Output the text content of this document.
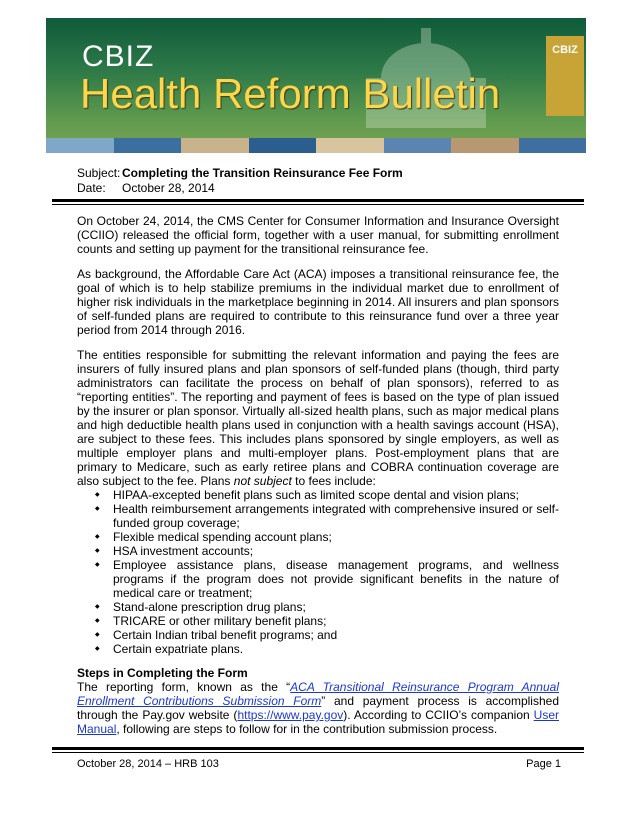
CBIZ
Health Reform Bulletin
CBIZ
Subject: Completing the Transition Reinsurance Fee Form
Date:	October 28, 2014

On October 24, 2014, the CMS Center for Consumer Information and Insurance Oversight (CCIIO) released the official form, together with a user manual, for submitting enrollment counts and setting up payment for the transitional reinsurance fee.

As background, the Affordable Care Act (ACA) imposes a transitional reinsurance fee, the goal of which is to help stabilize premiums in the individual market due to enrollment of higher risk individuals in the marketplace beginning in 2014. All insurers and plan sponsors of self-funded plans are required to contribute to this reinsurance fund over a three year period from 2014 through 2016.

The entities responsible for submitting the relevant information and paying the fees are insurers of fully insured plans and plan sponsors of self-funded plans (though, third party administrators can facilitate the process on behalf of plan sponsors), referred to as “reporting entities”. The reporting and payment of fees is based on the type of plan issued by the insurer or plan sponsor. Virtually all-sized health plans, such as major medical plans and high deductible health plans used in conjunction with a health savings account (HSA), are subject to these fees. This includes plans sponsored by single employers, as well as multiple employer plans and multi-employer plans. Post-employment plans that are primary to Medicare, such as early retiree plans and COBRA continuation coverage are also subject to the fee. Plans not subject to fees include:

◆ HIPAA-excepted benefit plans such as limited scope dental and vision plans;
◆ Health reimbursement arrangements integrated with comprehensive insured or self-funded group coverage;
◆ Flexible medical spending account plans;
◆ HSA investment accounts;
◆ Employee assistance plans, disease management programs, and wellness programs if the program does not provide significant benefits in the nature of medical care or treatment;
◆ Stand-alone prescription drug plans;
◆ TRICARE or other military benefit plans;
◆ Certain Indian tribal benefit programs; and
◆ Certain expatriate plans.
Steps in Completing the Form

The reporting form, known as the “ACA Transitional Reinsurance Program Annual Enrollment Contributions Submission Form” and payment process is accomplished through the Pay.gov website (https://www.pay.gov). According to CCIIO’s companion User Manual, following are steps to follow for in the contribution submission process.

October 28, 2014 – HRB 103	Page 1
